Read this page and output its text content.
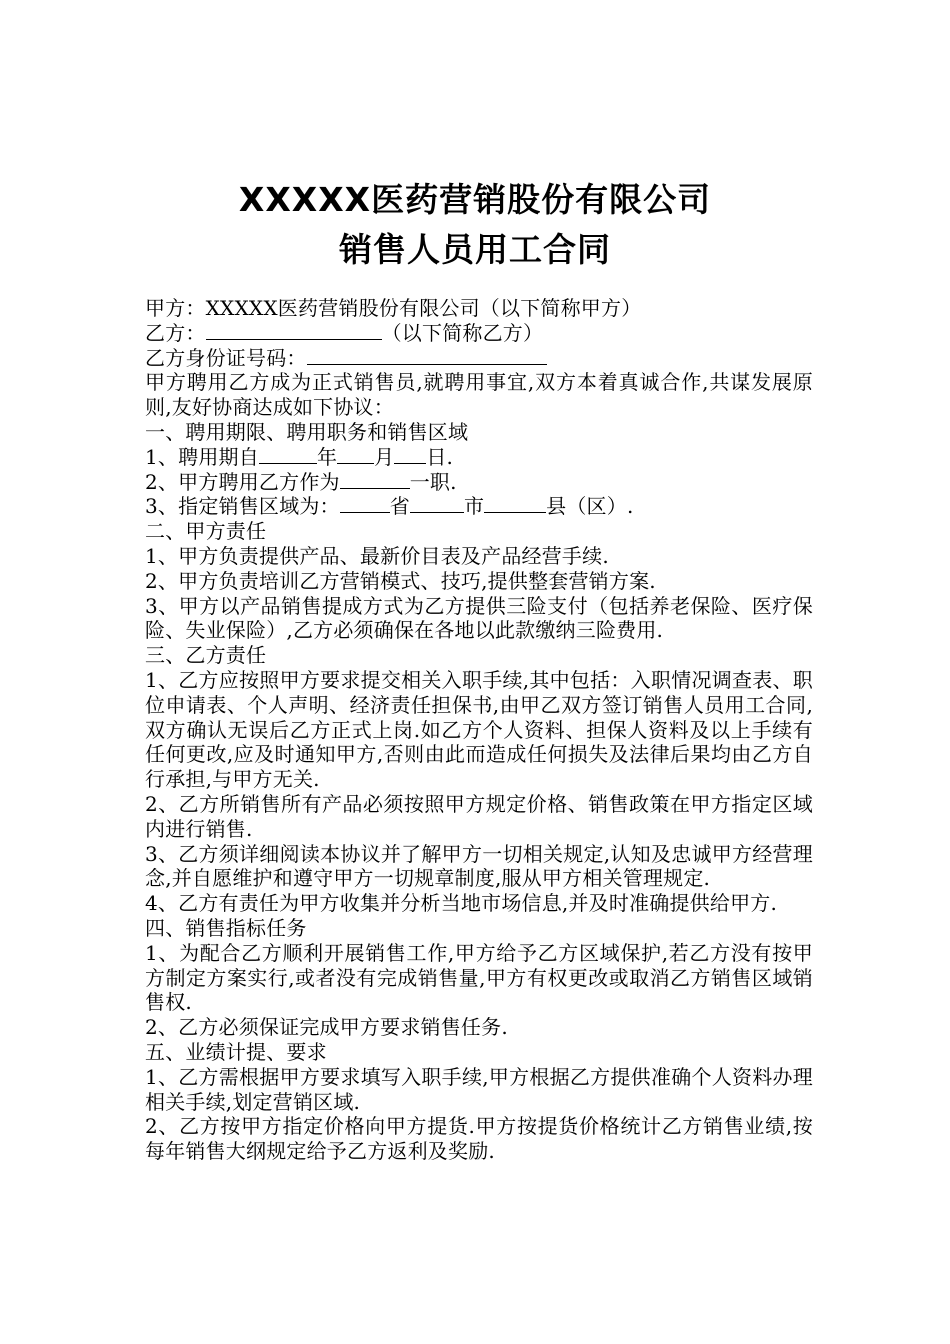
XXXXX医药营销股份有限公司
销售人员用工合同

甲方：XXXXX医药营销股份有限公司（以下简称甲方）

乙方：	（以下简称乙方）

乙方身份证号码：

甲方聘用乙方成为正式销售员,就聘用事宜,双方本着真诚合作,共谋发展原则,友好协商达成如下协议：

一、聘用期限、聘用职务和销售区域

1、聘用期自	年 月 日.

2、甲方聘用乙方作为	一职.

3、指定销售区域为：	省	市	县（区）.

二、甲方责任

1、甲方负责提供产品、最新价目表及产品经营手续.

2、甲方负责培训乙方营销模式、技巧,提供整套营销方案.

3、甲方以产品销售提成方式为乙方提供三险支付（包括养老保险、医疗保险、失业保险）,乙方必须确保在各地以此款缴纳三险费用.

三、乙方责任

1、乙方应按照甲方要求提交相关入职手续,其中包括：入职情况调查表、职位申请表、个人声明、经济责任担保书,由甲乙双方签订销售人员用工合同,双方确认无误后乙方正式上岗.如乙方个人资料、担保人资料及以上手续有任何更改,应及时通知甲方,否则由此而造成任何损失及法律后果均由乙方自行承担,与甲方无关.

2、乙方所销售所有产品必须按照甲方规定价格、销售政策在甲方指定区域内进行销售.

3、乙方须详细阅读本协议并了解甲方一切相关规定,认知及忠诚甲方经营理念,并自愿维护和遵守甲方一切规章制度,服从甲方相关管理规定.

4、乙方有责任为甲方收集并分析当地市场信息,并及时准确提供给甲方.

四、销售指标任务

1、为配合乙方顺利开展销售工作,甲方给予乙方区域保护,若乙方没有按甲方制定方案实行,或者没有完成销售量,甲方有权更改或取消乙方销售区域销售权.

2、乙方必须保证完成甲方要求销售任务.

五、业绩计提、要求

1、乙方需根据甲方要求填写入职手续,甲方根据乙方提供准确个人资料办理相关手续,划定营销区域.

2、乙方按甲方指定价格向甲方提货.甲方按提货价格统计乙方销售业绩,按每年销售大纲规定给予乙方返利及奖励.
